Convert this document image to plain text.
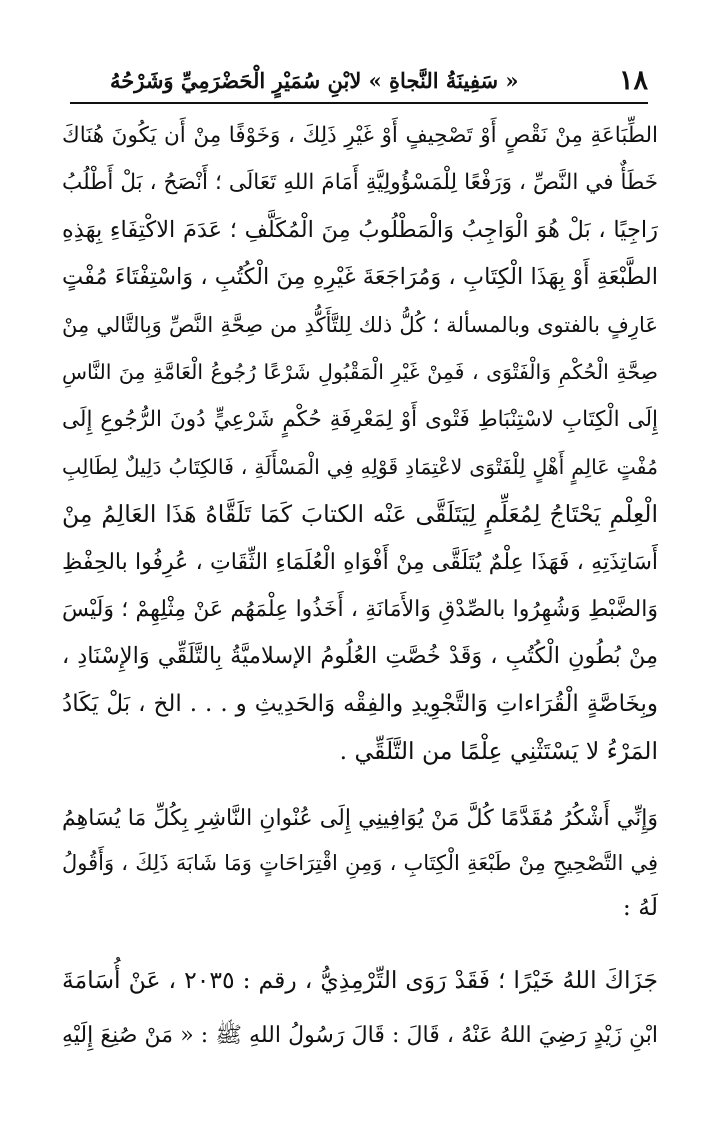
١٨
« سَفِينَةُ النَّجاةِ » لابْنِ سُمَيْرٍ الْحَضْرَمِيِّ وَشَرْحُهُ
الطِّبَاعَةِ مِنْ نَقْصٍ أَوْ تَصْحِيفٍ أَوْ غَيْرِ ذَلِكَ ، وَخَوْفًا مِنْ أَن يَكُونَ هُنَاكَ
خَطَأٌ في النَّصِّ ، وَرَفْعًا لِلْمَسْؤُولِيَّةِ أَمَامَ اللهِ تَعَالَى ؛ أَنْصَحُ ، بَلْ أَطْلُبُ
رَاجِيًا ، بَلْ هُوَ الْوَاجِبُ وَالْمَطْلُوبُ مِنَ الْمُكَلَّفِ ؛ عَدَمَ الاكْتِفَاءِ بِهَذِهِ
الطَّبْعَةِ أَوْ بِهَذَا الْكِتَابِ ، وَمُرَاجَعَةَ غَيْرِهِ مِنَ الْكُتُبِ ، وَاسْتِفْتَاءَ مُفْتٍ
عَارِفٍ بالفتوى وبالمسألة ؛ كُلُّ ذلك لِلتَّأَكُّدِ من صِحَّةِ النَّصِّ وَبِالتَّالي مِنْ
صِحَّةِ الْحُكْمِ وَالْفَتْوَى ، فَمِنْ غَيْرِ الْمَقْبُولِ شَرْعًا رُجُوعُ الْعَامَّةِ مِنَ النَّاسِ
إِلَى الْكِتَابِ لاسْتِنْبَاطِ فَتْوى أَوْ لِمَعْرِفَةِ حُكْمٍ شَرْعِيٍّ دُونَ الرُّجُوعِ إِلَى
مُفْتٍ عَالِمٍ أَهْلٍ لِلْفَتْوَى لاعْتِمَادِ قَوْلِهِ فِي الْمَسْأَلَةِ ، فَالكِتَابُ دَلِيلٌ لِطَالِبِ
الْعِلْمِ يَحْتَاجُ لِمُعَلِّمٍ لِيَتَلَقَّى عَنْه الكتابَ كَمَا تَلَقَّاهُ هَذَا العَالِمُ مِنْ
أَسَاتِذَتِهِ ، فَهَذَا عِلْمٌ يُتَلَقَّى مِنْ أَفْوَاهِ الْعُلَمَاءِ الثِّقَاتِ ، عُرِفُوا بالحِفْظِ
وَالضَّبْطِ وَشُهِرُوا بالصِّدْقِ وَالأَمَانَةِ ، أَخَذُوا عِلْمَهُم عَنْ مِثْلِهِمْ ؛ وَلَيْسَ
مِنْ بُطُونِ الْكُتُبِ ، وَقَدْ خُصَّتِ العُلُومُ الإسلاميَّةُ بِالتَّلَقِّي وَالإِسْنَادِ ،
وبِخَاصَّةٍ الْقُرَاءاتِ وَالتَّجْوِيدِ والفِقْه وَالحَدِيثِ و . . . الخ ، بَلْ يَكَادُ
المَرْءُ لا يَسْتَثْنِي عِلْمًا من التَّلَقِّي .
وَإِنِّي أَشْكُرُ مُقَدَّمًا كُلَّ مَنْ يُوَافِينِي إِلَى عُنْوانِ النَّاشِرِ بِكُلِّ مَا يُسَاهِمُ
فِي التَّصْحِيحِ مِنْ طَبْعَةِ الْكِتَابِ ، وَمِنِ اقْتِرَاحَاتٍ وَمَا شَابَهَ ذَلِكَ ، وَأَقُولُ
لَهُ :
جَزَاكَ اللهُ خَيْرًا ؛ فَقَدْ رَوَى التِّرْمِذِيُّ ، رقم : ٢٠٣٥ ، عَنْ أُسَامَةَ
ابْنِ زَيْدٍ رَضِيَ اللهُ عَنْهُ ، قَالَ : قَالَ رَسُولُ اللهِ ﷺ : « مَنْ صُنِعَ إِلَيْهِ
